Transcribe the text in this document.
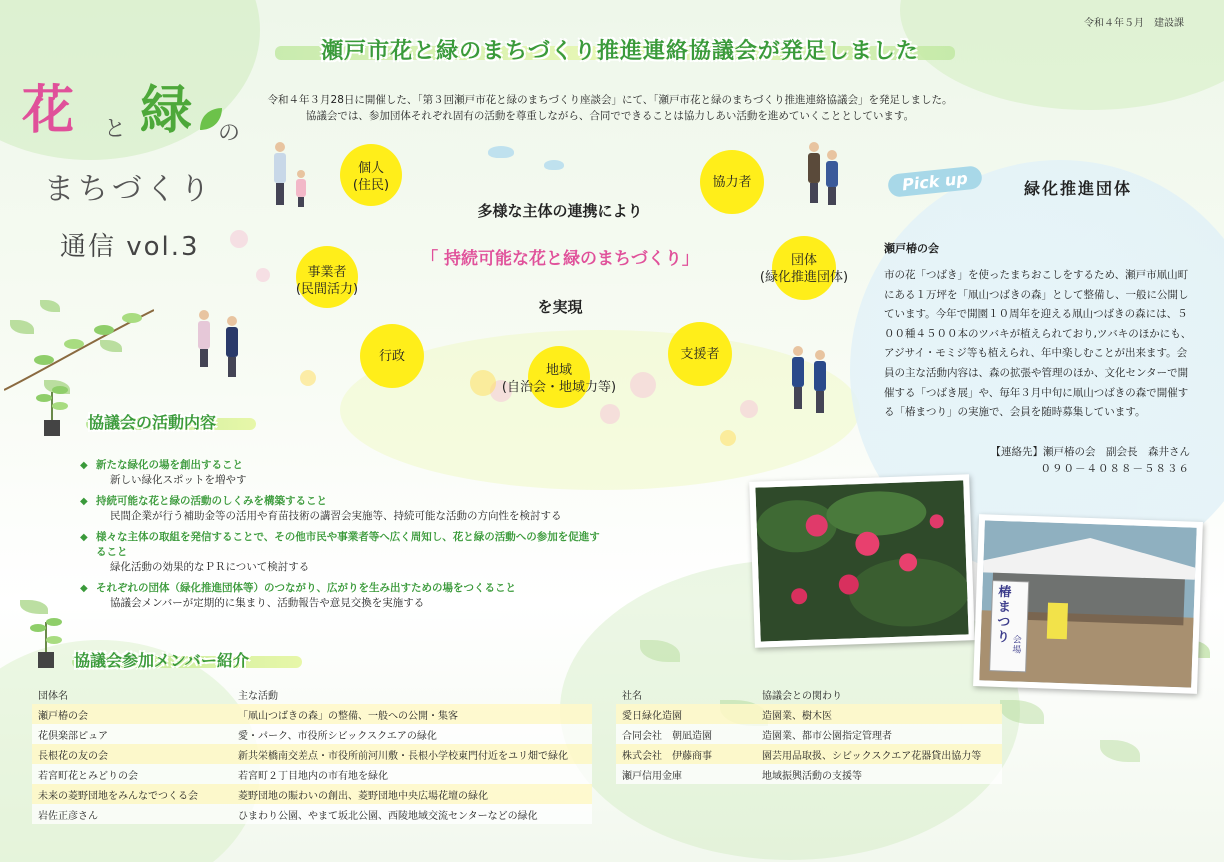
令和４年５月　建設課
瀬戸市花と緑のまちづくり推進連絡協議会が発足しました
令和４年３月28日に開催した、「第３回瀬戸市花と緑のまちづくり座談会」にて、「瀬戸市花と緑のまちづくり推進連絡協議会」を発足しました。
協議会では、参加団体それぞれ固有の活動を尊重しながら、合同でできることは協力しあい活動を進めていくこととしています。
花 と 緑 の
まちづくり
通信 vol.3
個人
(住民)	協力者
事業者
(民間活力)
団体
(緑化推進団体)
行政
地域
(自治会・地域力等)
支援者
多様な主体の連携により
「 持続可能な花と緑のまちづくり」
を実現
協議会の活動内容
◆ 新たな緑化の場を創出すること
新しい緑化スポットを増やす
◆ 持続可能な花と緑の活動のしくみを構築すること
民間企業が行う補助金等の活用や育苗技術の講習会実施等、持続可能な活動の方向性を検討する
◆ 様々な主体の取組を発信することで、その他市民や事業者等へ広く周知し、花と緑の活動への参加を促進すること
緑化活動の効果的なＰＲについて検討する
◆ それぞれの団体（緑化推進団体等）のつながり、広がりを生み出すための場をつくること
協議会メンバーが定期的に集まり、活動報告や意見交換を実施する
Pick up	緑化推進団体
瀬戸椿の会
市の花「つばき」を使ったまちおこしをするため、瀬戸市凧山町にある１万坪を「凧山つばきの森」として整備し、一般に公開しています。今年で開園１０周年を迎える凧山つばきの森には、５００種４５００本のツバキが植えられており,ツバキのほかにも、アジサイ・モミジ等も植えられ、年中楽しむことが出来ます。会員の主な活動内容は、森の拡張や管理のほか、文化センターで開催する「つばき展」や、毎年３月中旬に凧山つばきの森で開催する「椿まつり」の実施で、会員を随時募集しています。
【連絡先】瀬戸椿の会　副会長　森井さん
０９０－４０８８－５８３６
椿まつり 会場
協議会参加メンバー紹介
団体名	主な活動
瀬戸椿の会	「凧山つばきの森」の整備、一般への公開・集客
花倶楽部ピュア	愛・パーク、市役所シビックスクエアの緑化
長根花の友の会	新共栄橋南交差点・市役所前河川敷・長根小学校東門付近をユリ畑で緑化
若宮町花とみどりの会	若宮町２丁目地内の市有地を緑化
未来の菱野団地をみんなでつくる会	菱野団地の賑わいの創出、菱野団地中央広場花壇の緑化
岩佐正彦さん	ひまわり公園、やまて坂北公園、西陵地域交流センターなどの緑化
社名	協議会との関わり
愛日緑化造園	造園業、樹木医
合同会社　朝凪造園	造園業、都市公園指定管理者
株式会社　伊藤商事	園芸用品取扱、シビックスクエア花器貸出協力等
瀬戸信用金庫	地域振興活動の支援等
